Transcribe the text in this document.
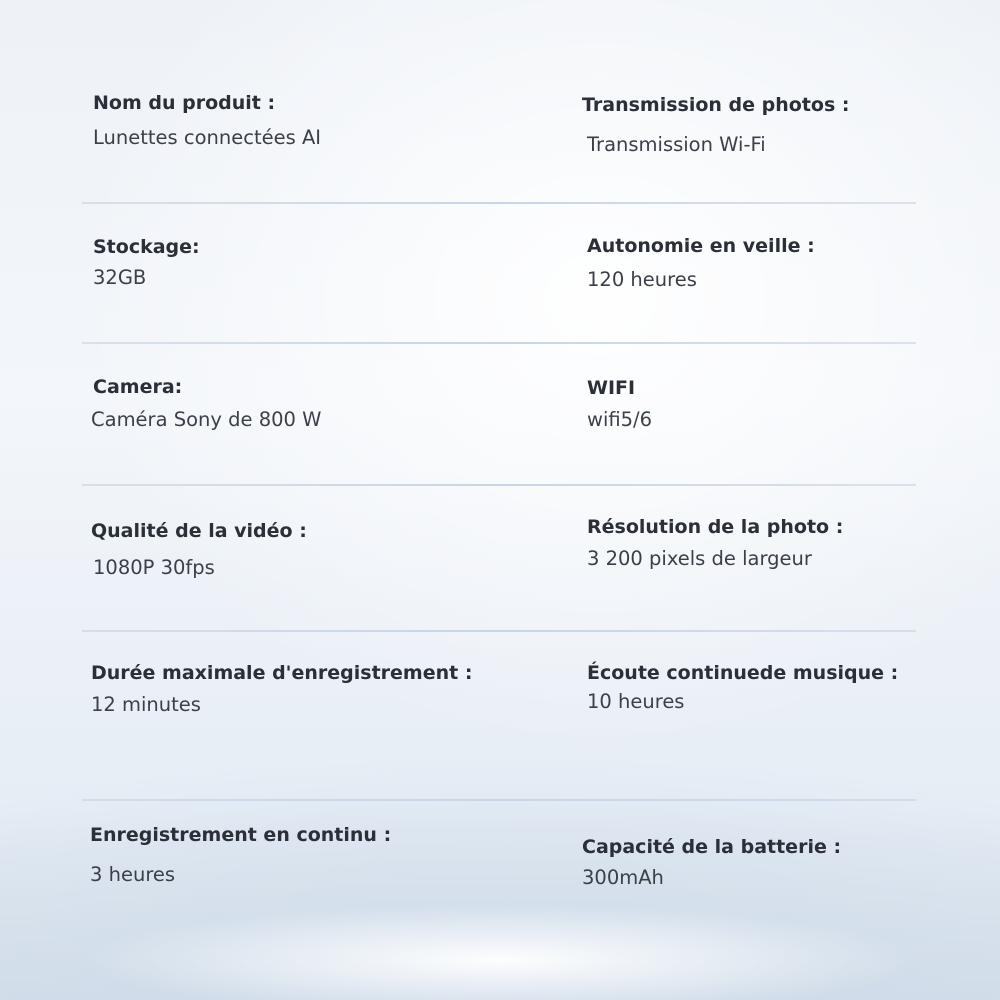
Nom du produit :
Lunettes connectées AI
Transmission de photos :
Transmission Wi-Fi
Stockage:
32GB
Autonomie en veille :
120 heures
Camera:
Caméra Sony de 800 W
WIFI
wifi5/6
Qualité de la vidéo :
1080P 30fps
Résolution de la photo :
3 200 pixels de largeur
Durée maximale d'enregistrement :
12 minutes
Écoute continuede musique :
10 heures
Enregistrement en continu :
3 heures
Capacité de la batterie :
300mAh
